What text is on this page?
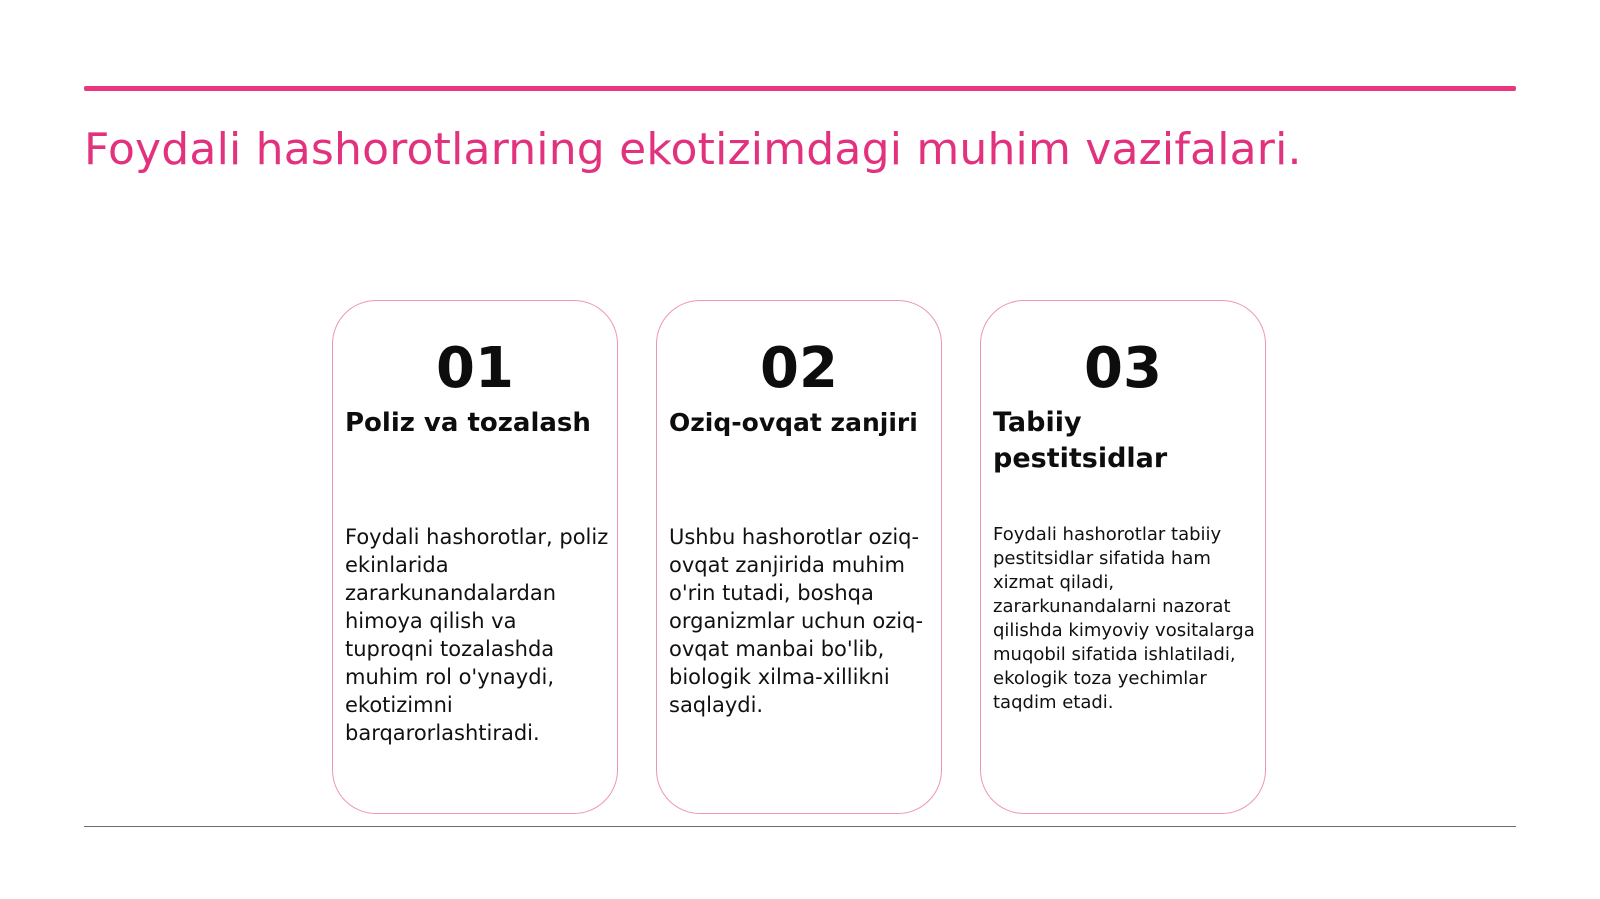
Foydali hashorotlarning ekotizimdagi muhim vazifalari.
01
Poliz va tozalash

Foydali hashorotlar, poliz ekinlarida zararkunandalardan himoya qilish va tuproqni tozalashda muhim rol o'ynaydi, ekotizimni barqarorlashtiradi.

02
Oziq-ovqat zanjiri

Ushbu hashorotlar oziq-ovqat zanjirida muhim o'rin tutadi, boshqa organizmlar uchun oziq-ovqat manbai bo'lib, biologik xilma-xillikni saqlaydi.

03
Tabiiy pestitsidlar

Foydali hashorotlar tabiiy pestitsidlar sifatida ham xizmat qiladi, zararkunandalarni nazorat qilishda kimyoviy vositalarga muqobil sifatida ishlatiladi, ekologik toza yechimlar taqdim etadi.
